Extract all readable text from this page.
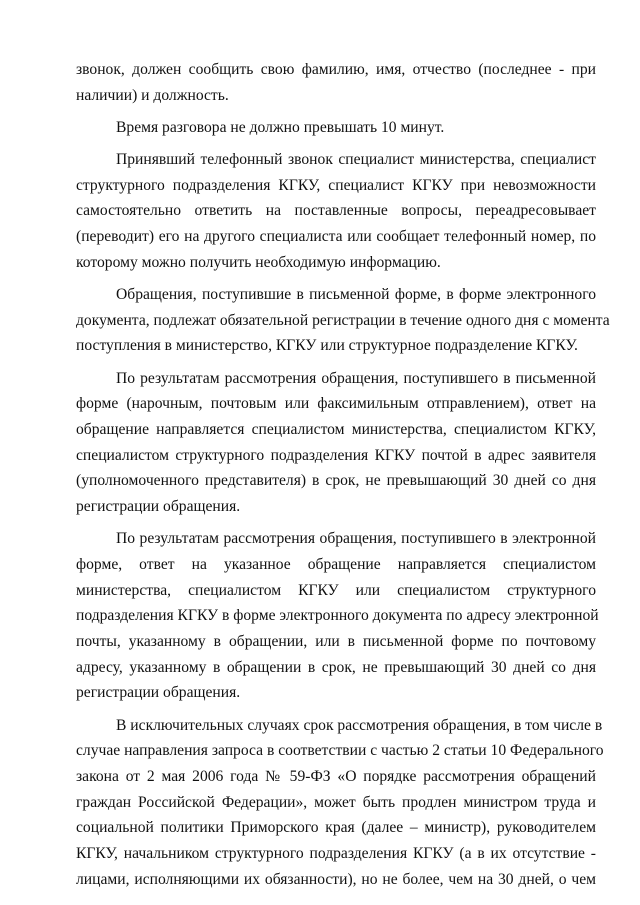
звонок, должен сообщить свою фамилию, имя, отчество (последнее - при
наличии) и должность.
Время разговора не должно превышать 10 минут.
Принявший телефонный звонок специалист министерства, специалист
структурного подразделения КГКУ, специалист КГКУ при невозможности
самостоятельно ответить на поставленные вопросы, переадресовывает
(переводит) его на другого специалиста или сообщает телефонный номер, по
которому можно получить необходимую информацию.
Обращения, поступившие в письменной форме, в форме электронного
документа, подлежат обязательной регистрации в течение одного дня с момента
поступления в министерство, КГКУ или структурное подразделение КГКУ.
По результатам рассмотрения обращения, поступившего в письменной
форме (нарочным, почтовым или факсимильным отправлением), ответ на
обращение направляется специалистом министерства, специалистом КГКУ,
специалистом структурного подразделения КГКУ почтой в адрес заявителя
(уполномоченного представителя) в срок, не превышающий 30 дней со дня
регистрации обращения.
По результатам рассмотрения обращения, поступившего в электронной
форме, ответ на указанное обращение направляется специалистом
министерства, специалистом КГКУ или специалистом структурного
подразделения КГКУ в форме электронного документа по адресу электронной
почты, указанному в обращении, или в письменной форме по почтовому
адресу, указанному в обращении в срок, не превышающий 30 дней со дня
регистрации обращения.
В исключительных случаях срок рассмотрения обращения, в том числе в
случае направления запроса в соответствии с частью 2 статьи 10 Федерального
закона от 2 мая 2006 года № 59-ФЗ «О порядке рассмотрения обращений
граждан Российской Федерации», может быть продлен министром труда и
социальной политики Приморского края (далее – министр), руководителем
КГКУ, начальником структурного подразделения КГКУ (а в их отсутствие -
лицами, исполняющими их обязанности), но не более, чем на 30 дней, о чем
